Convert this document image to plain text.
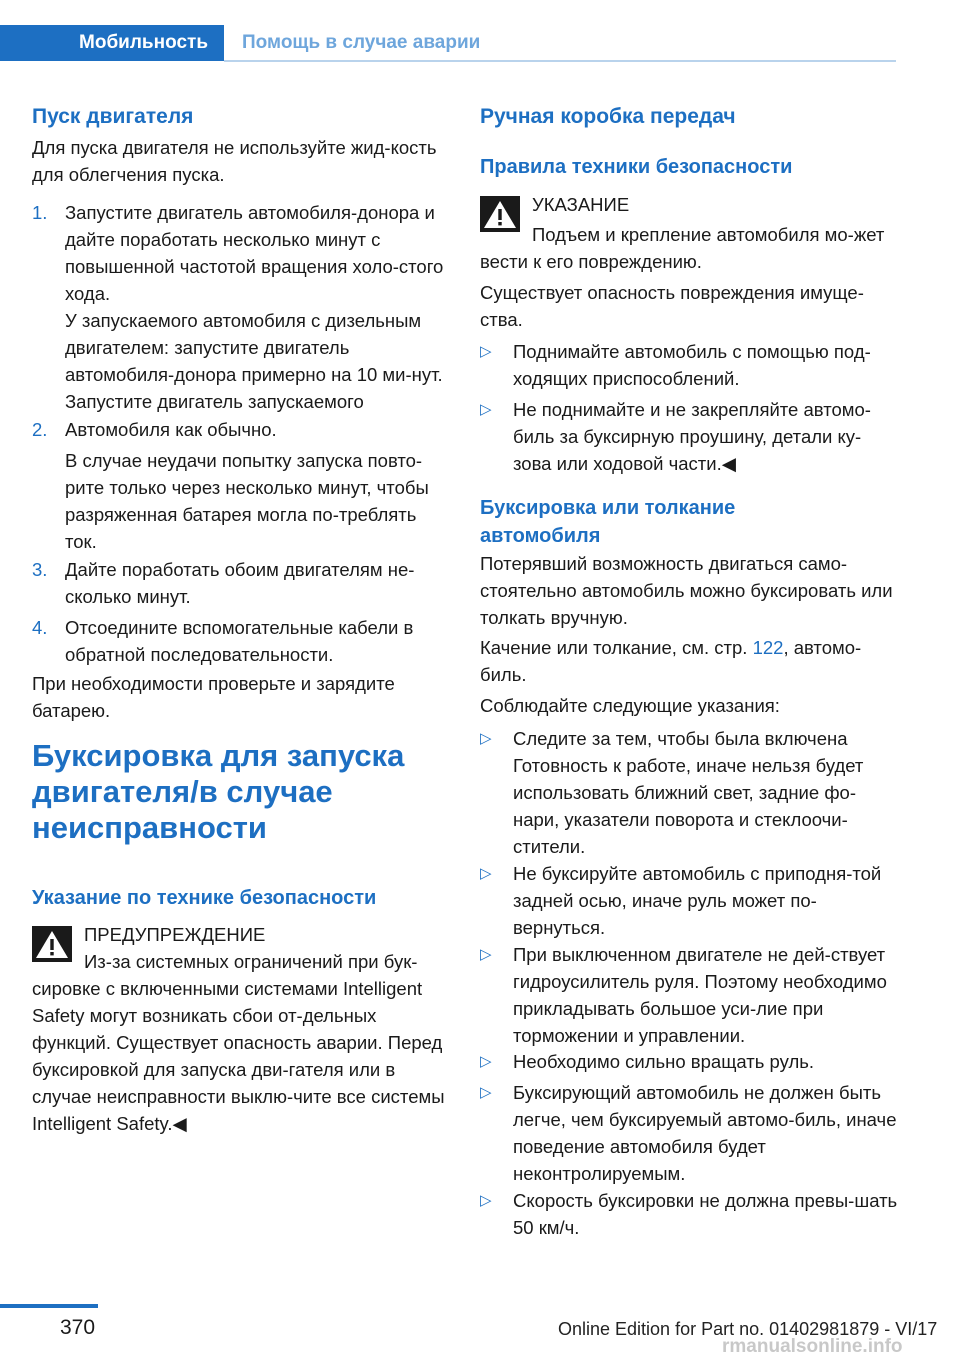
Мобильность	Помощь в случае аварии
Пуск двигателя
Для пуска двигателя не используйте жид-кость для облегчения пуска.
1. Запустите двигатель автомобиля-донора и дайте поработать несколько минут с повышенной частотой вращения холо-стого хода.
У запускаемого автомобиля с дизельным двигателем: запустите двигатель автомобиля-донора примерно на 10 ми-нут. Запустите двигатель запускаемого
2. Автомобиля как обычно.
В случае неудачи попытку запуска повто-рите только через несколько минут, чтобы разряженная батарея могла по-треблять ток.
3. Дайте поработать обоим двигателям не-сколько минут.
4. Отсоедините вспомогательные кабели в обратной последовательности.
При необходимости проверьте и зарядите батарею.
Буксировка для запуска двигателя/в случае неисправности
Указание по технике безопасности
ПРЕДУПРЕЖДЕНИЕ
Из-за системных ограничений при бук-сировке с включенными системами Intelligent Safety могут возникать сбои от-дельных функций. Существует опасность аварии. Перед буксировкой для запуска дви-гателя или в случае неисправности выклю-чите все системы Intelligent Safety.◀
Ручная коробка передач
Правила техники безопасности
УКАЗАНИЕ
Подъем и крепление автомобиля мо-жет вести к его повреждению.
Существует опасность повреждения имуще-ства.
▷ Поднимайте автомобиль с помощью под-ходящих приспособлений.
▷ Не поднимайте и не закрепляйте автомо-биль за буксирную проушину, детали ку-зова или ходовой части.◀
Буксировка или толкание автомобиля
Потерявший возможность двигаться само-стоятельно автомобиль можно буксировать или толкать вручную.
Качение или толкание, см. стр. 122, автомо-биль.
Соблюдайте следующие указания:
▷ Следите за тем, чтобы была включена Готовность к работе, иначе нельзя будет использовать ближний свет, задние фо-нари, указатели поворота и стеклоочи-стители.
▷ Не буксируйте автомобиль с приподня-той задней осью, иначе руль может по-вернуться.
▷ При выключенном двигателе не дей-ствует гидроусилитель руля. Поэтому необходимо прикладывать большое уси-лие при торможении и управлении.
▷ Необходимо сильно вращать руль.
▷ Буксирующий автомобиль не должен быть легче, чем буксируемый автомо-биль, иначе поведение автомобиля будет неконтролируемым.
▷ Скорость буксировки не должна превы-шать 50 км/ч.
370	Online Edition for Part no. 01402981879 - VI/17
rmanualsonline.info
